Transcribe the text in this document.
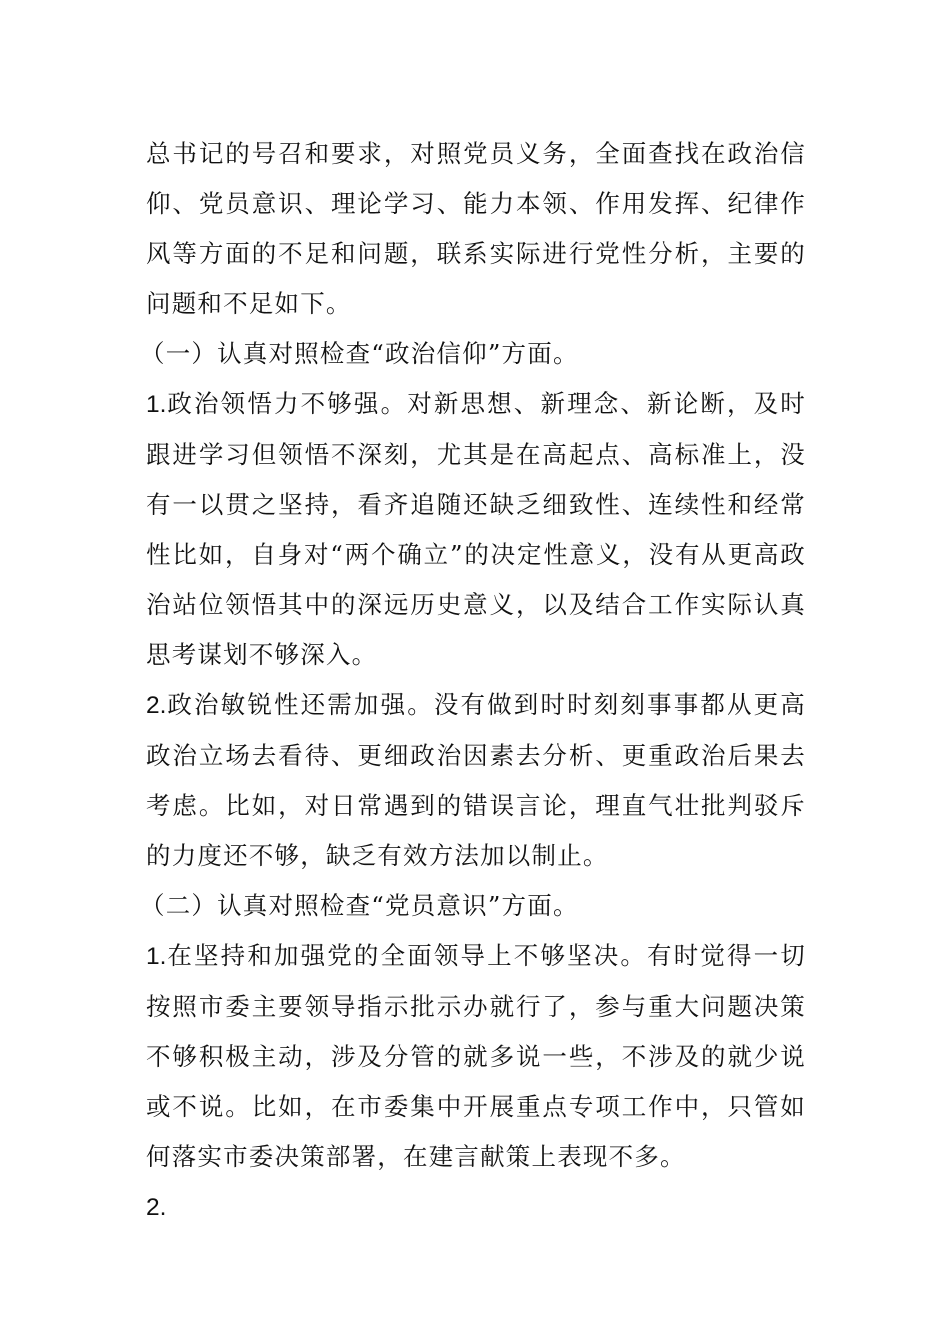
总书记的号召和要求，对照党员义务，全面查找在政治信仰、党员意识、理论学习、能力本领、作用发挥、纪律作风等方面的不足和问题，联系实际进行党性分析，主要的问题和不足如下。

（一）认真对照检查“政治信仰”方面。

1.政治领悟力不够强。对新思想、新理念、新论断，及时跟进学习但领悟不深刻，尤其是在高起点、高标准上，没有一以贯之坚持，看齐追随还缺乏细致性、连续性和经常性比如，自身对“两个确立”的决定性意义，没有从更高政治站位领悟其中的深远历史意义，以及结合工作实际认真思考谋划不够深入。

2.政治敏锐性还需加强。没有做到时时刻刻事事都从更高政治立场去看待、更细政治因素去分析、更重政治后果去考虑。比如，对日常遇到的错误言论，理直气壮批判驳斥的力度还不够，缺乏有效方法加以制止。

（二）认真对照检查“党员意识”方面。

1.在坚持和加强党的全面领导上不够坚决。有时觉得一切按照市委主要领导指示批示办就行了，参与重大问题决策不够积极主动，涉及分管的就多说一些，不涉及的就少说或不说。比如，在市委集中开展重点专项工作中，只管如何落实市委决策部署，在建言献策上表现不多。

2.
